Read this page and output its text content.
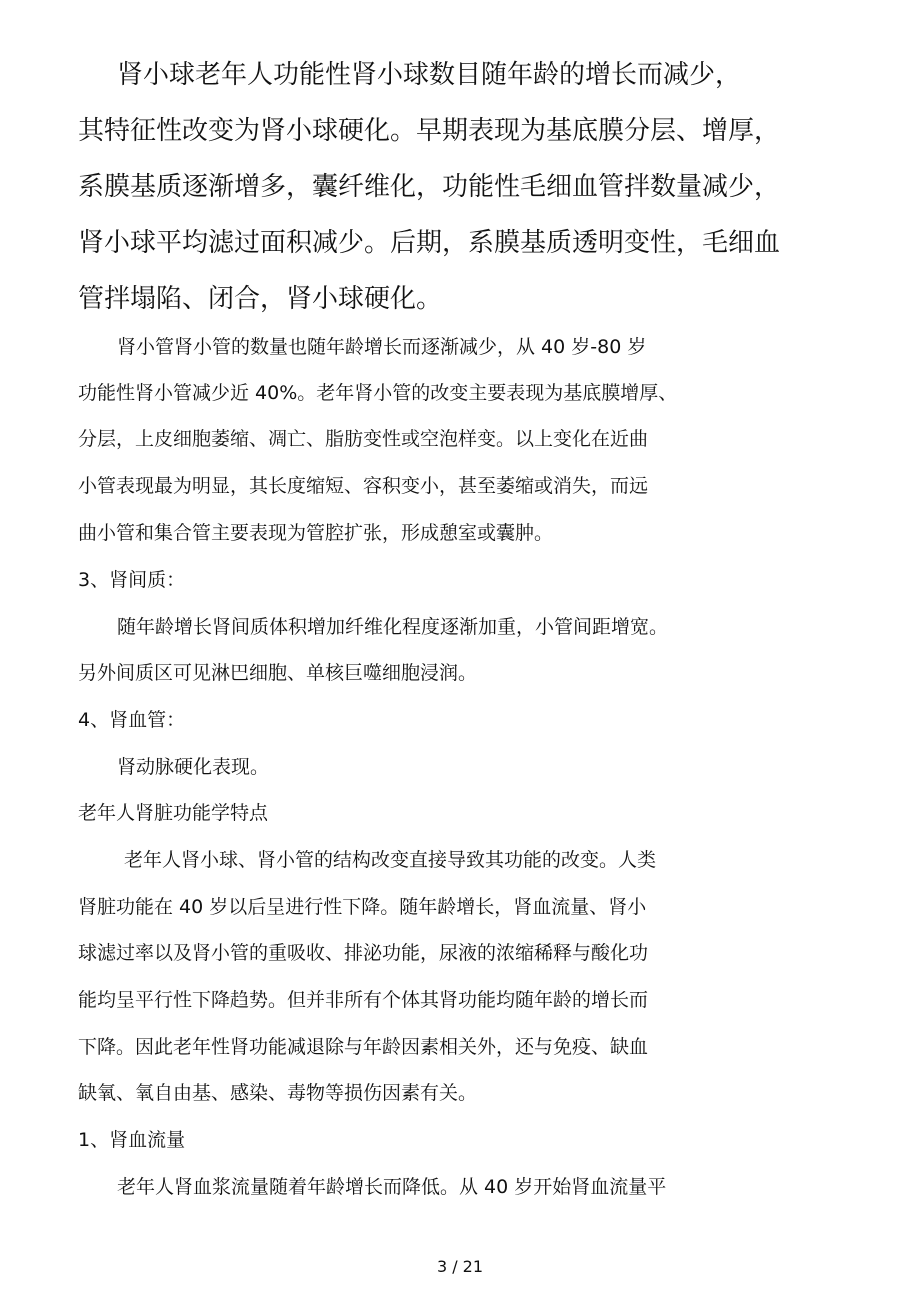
肾小球老年人功能性肾小球数目随年龄的增长而减少，
其特征性改变为肾小球硬化。早期表现为基底膜分层、增厚，
系膜基质逐渐增多，囊纤维化，功能性毛细血管拌数量减少，
肾小球平均滤过面积减少。后期，系膜基质透明变性，毛细血
管拌塌陷、闭合，肾小球硬化。
肾小管肾小管的数量也随年龄增长而逐渐减少，从 40 岁-80 岁
功能性肾小管减少近 40%。老年肾小管的改变主要表现为基底膜增厚、
分层，上皮细胞萎缩、凋亡、脂肪变性或空泡样变。以上变化在近曲
小管表现最为明显，其长度缩短、容积变小，甚至萎缩或消失，而远
曲小管和集合管主要表现为管腔扩张，形成憩室或囊肿。
3、肾间质：
随年龄增长肾间质体积增加纤维化程度逐渐加重，小管间距增宽。
另外间质区可见淋巴细胞、单核巨噬细胞浸润。
4、肾血管：
肾动脉硬化表现。
老年人肾脏功能学特点
老年人肾小球、肾小管的结构改变直接导致其功能的改变。人类
肾脏功能在 40 岁以后呈进行性下降。随年龄增长，肾血流量、肾小
球滤过率以及肾小管的重吸收、排泌功能，尿液的浓缩稀释与酸化功
能均呈平行性下降趋势。但并非所有个体其肾功能均随年龄的增长而
下降。因此老年性肾功能减退除与年龄因素相关外，还与免疫、缺血
缺氧、氧自由基、感染、毒物等损伤因素有关。
1、肾血流量
老年人肾血浆流量随着年龄增长而降低。从 40 岁开始肾血流量平
3 / 21
